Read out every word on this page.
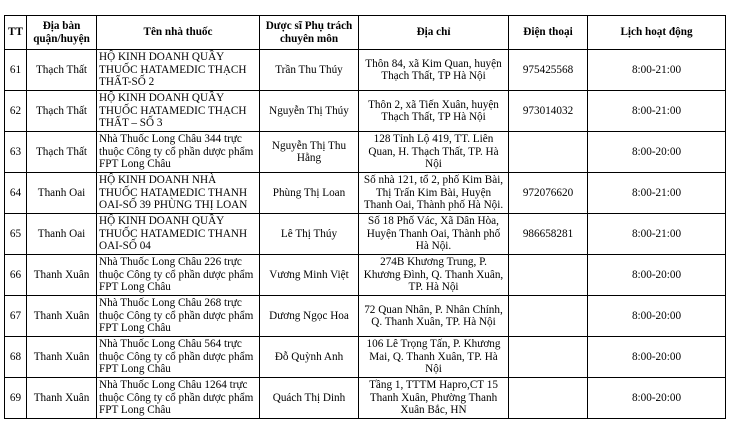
TT	Địa bàn quận/huyện	Tên nhà thuốc	Dược sĩ Phụ trách chuyên môn	Địa chỉ	Điện thoại	Lịch hoạt động
61	Thạch Thất	HỘ KINH DOANH QUẦY THUỐC HATAMEDIC THẠCH THẤT-SỐ 2	Trần Thu Thúy	Thôn 84, xã Kim Quan, huyện Thạch Thất, TP Hà Nội	975425568	8:00-21:00
62	Thạch Thất	HỘ KINH DOANH QUẦY THUỐC HATAMEDIC THẠCH THẤT – SỐ 3	Nguyễn Thị Thúy	Thôn 2, xã Tiến Xuân, huyện Thạch Thất, TP Hà Nội	973014032	8:00-21:00
63	Thạch Thất	Nhà Thuốc Long Châu 344 trực thuộc Công ty cổ phần dược phẩm FPT Long Châu	Nguyễn Thị Thu Hằng	128 Tỉnh Lộ 419, TT. Liên Quan, H. Thạch Thất, TP. Hà Nội		8:00-20:00
64	Thanh Oai	HỘ KINH DOANH NHÀ THUỐC HATAMEDIC THANH OAI-SỐ 39 PHÙNG THỊ LOAN	Phùng Thị Loan	Số nhà 121, tổ 2, phố Kim Bài, Thị Trấn Kim Bài, Huyện Thanh Oai, Thành phố Hà Nội.	972076620	8:00-21:00
65	Thanh Oai	HỘ KINH DOANH QUẦY THUỐC HATAMEDIC THANH OAI-SỐ 04	Lê Thị Thúy	Số 18 Phố Vác, Xã Dân Hòa, Huyện Thanh Oai, Thành phố Hà Nội.	986658281	8:00-21:00
66	Thanh Xuân	Nhà Thuốc Long Châu 226 trực thuộc Công ty cổ phần dược phẩm FPT Long Châu	Vương Minh Việt	274B Khương Trung, P. Khương Đình, Q. Thanh Xuân, TP. Hà Nội		8:00-20:00
67	Thanh Xuân	Nhà Thuốc Long Châu 268 trực thuộc Công ty cổ phần dược phẩm FPT Long Châu	Dương Ngọc Hoa	72 Quan Nhân, P. Nhân Chính, Q. Thanh Xuân, TP. Hà Nội		8:00-20:00
68	Thanh Xuân	Nhà Thuốc Long Châu 564 trực thuộc Công ty cổ phần dược phẩm FPT Long Châu	Đỗ Quỳnh Anh	106 Lê Trọng Tấn, P. Khương Mai, Q. Thanh Xuân, TP. Hà Nội		8:00-20:00
69	Thanh Xuân	Nhà Thuốc Long Châu 1264 trực thuộc Công ty cổ phần dược phẩm FPT Long Châu	Quách Thị Dinh	Tầng 1, TTTM Hapro,CT 15 Thanh Xuân, Phường Thanh Xuân Bắc, HN		8:00-20:00
